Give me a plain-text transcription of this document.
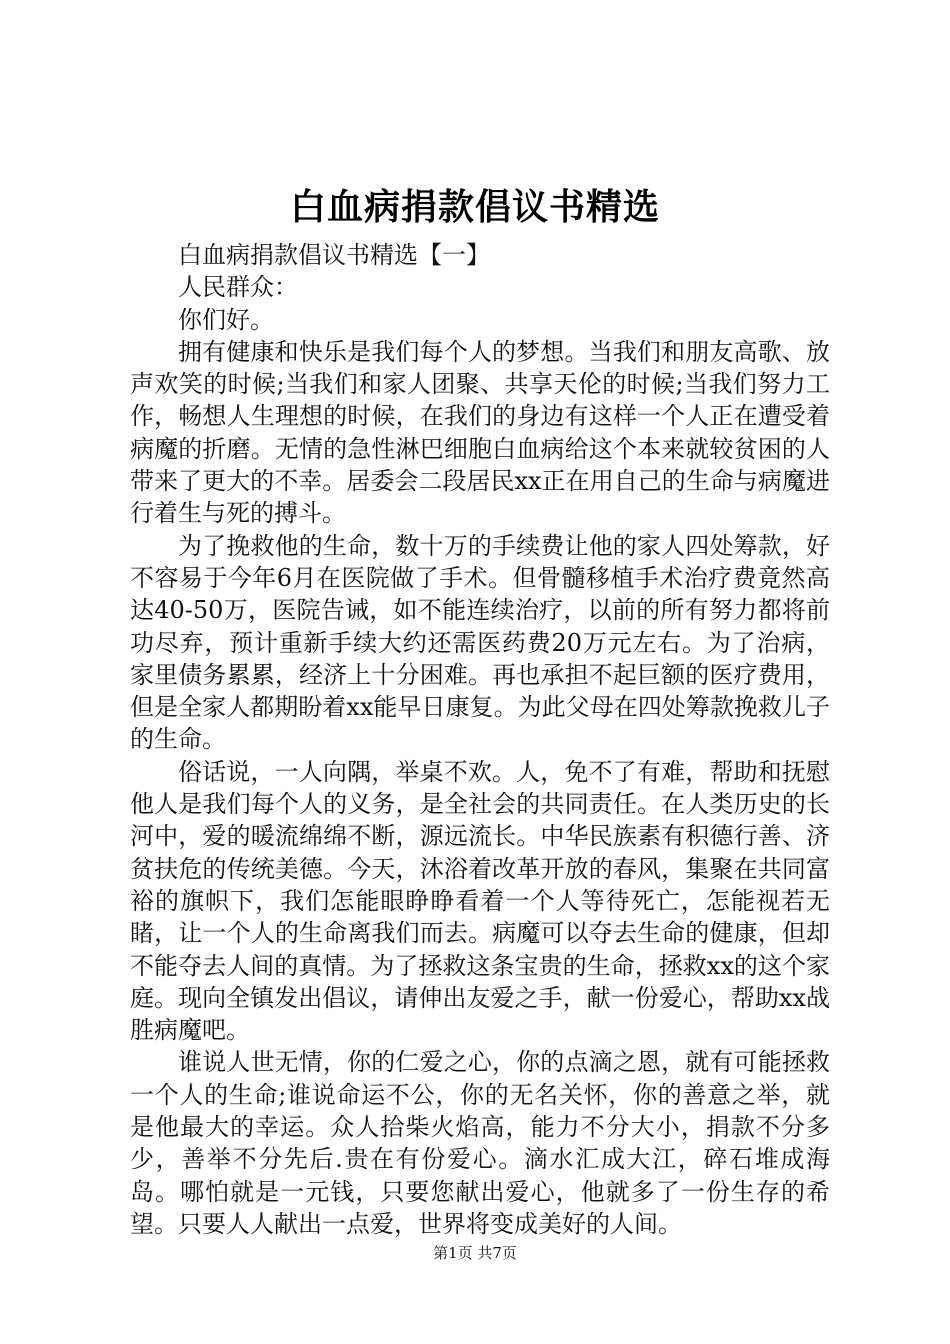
白血病捐款倡议书精选

白血病捐款倡议书精选【一】

人民群众：

你们好。

拥有健康和快乐是我们每个人的梦想。当我们和朋友高歌、放声欢笑的时候;当我们和家人团聚、共享天伦的时候;当我们努力工作，畅想人生理想的时候，在我们的身边有这样一个人正在遭受着病魔的折磨。无情的急性淋巴细胞白血病给这个本来就较贫困的人带来了更大的不幸。居委会二段居民xx正在用自己的生命与病魔进行着生与死的搏斗。

为了挽救他的生命，数十万的手续费让他的家人四处筹款，好不容易于今年6月在医院做了手术。但骨髓移植手术治疗费竟然高达40-50万，医院告诫，如不能连续治疗，以前的所有努力都将前功尽弃，预计重新手续大约还需医药费20万元左右。为了治病，家里债务累累，经济上十分困难。再也承担不起巨额的医疗费用，但是全家人都期盼着xx能早日康复。为此父母在四处筹款挽救儿子的生命。

俗话说，一人向隅，举桌不欢。人，免不了有难，帮助和抚慰他人是我们每个人的义务，是全社会的共同责任。在人类历史的长河中，爱的暖流绵绵不断，源远流长。中华民族素有积德行善、济贫扶危的传统美德。今天，沐浴着改革开放的春风，集聚在共同富裕的旗帜下，我们怎能眼睁睁看着一个人等待死亡，怎能视若无睹，让一个人的生命离我们而去。病魔可以夺去生命的健康，但却不能夺去人间的真情。为了拯救这条宝贵的生命，拯救xx的这个家庭。现向全镇发出倡议，请伸出友爱之手，献一份爱心，帮助xx战胜病魔吧。

谁说人世无情，你的仁爱之心，你的点滴之恩，就有可能拯救一个人的生命;谁说命运不公，你的无名关怀，你的善意之举，就是他最大的幸运。众人拾柴火焰高，能力不分大小，捐款不分多少，善举不分先后.贵在有份爱心。滴水汇成大江，碎石堆成海岛。哪怕就是一元钱，只要您献出爱心，他就多了一份生存的希望。只要人人献出一点爱，世界将变成美好的人间。

第1页 共7页
